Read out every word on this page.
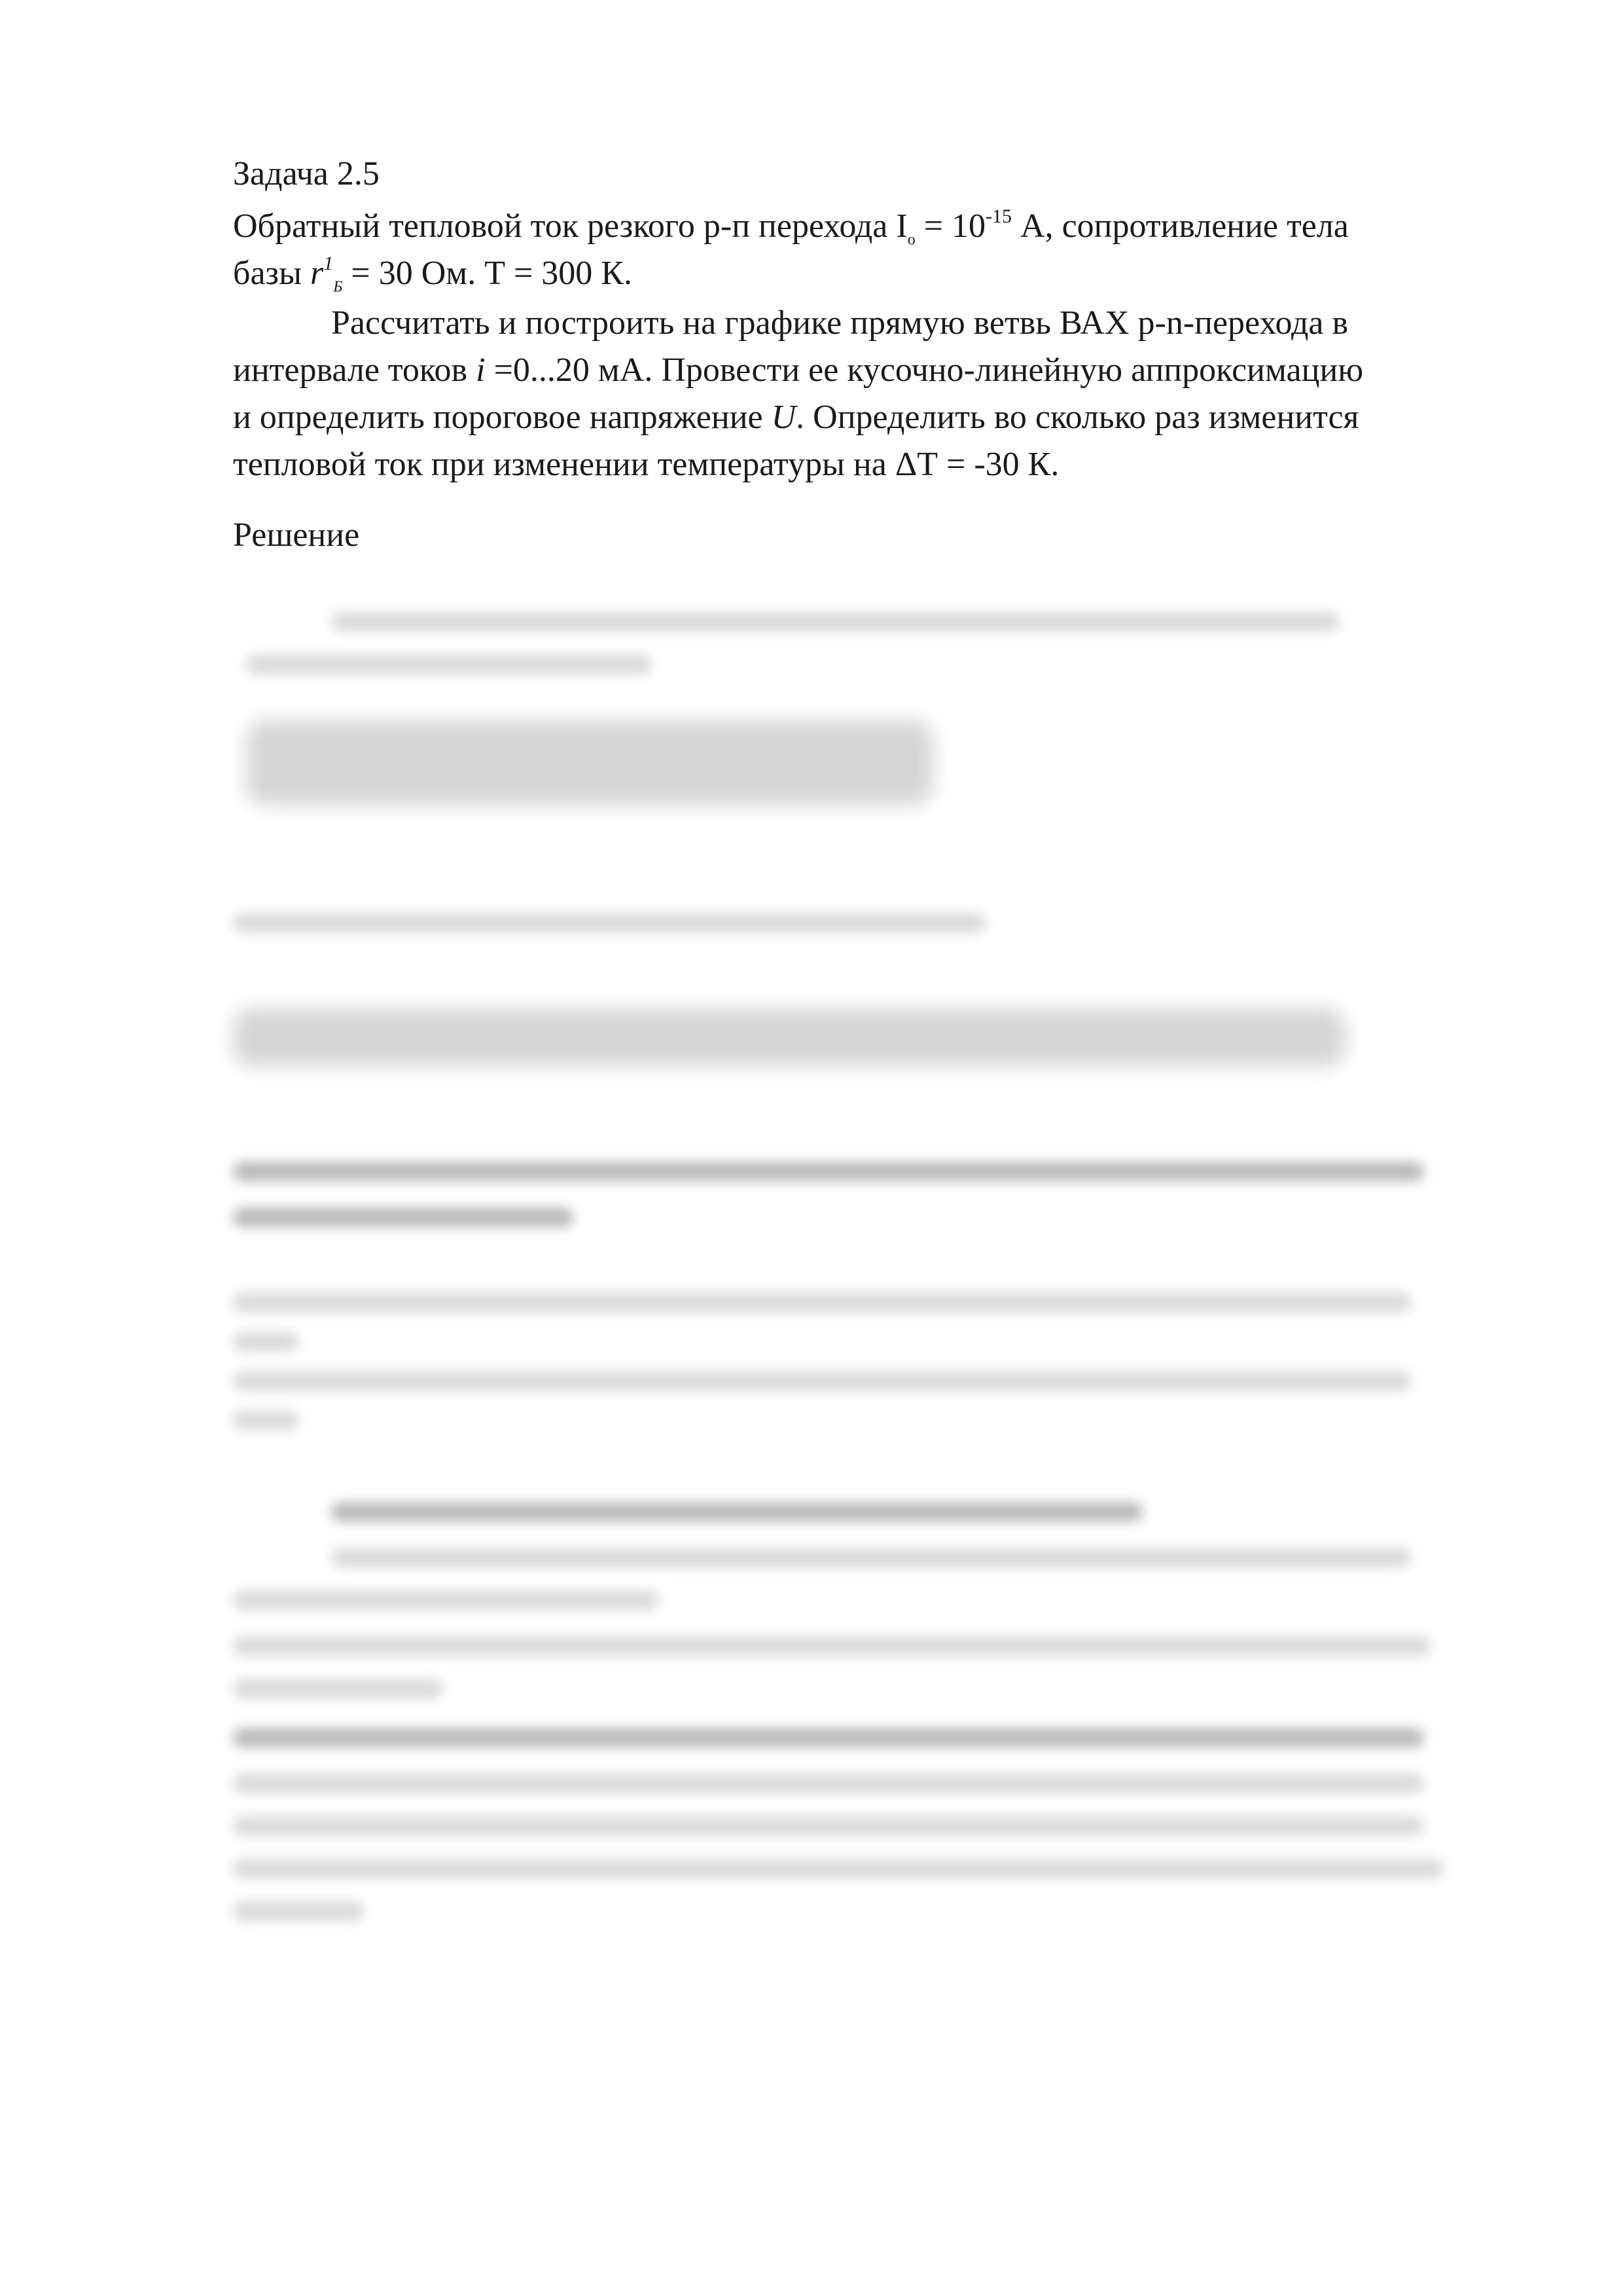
Задача 2.5
Обратный тепловой ток резкого p-п перехода $I_o = 10^{-15}$ А, сопротивление тела
базы $r^1_Б = 30$ Ом. Т = 300 К.
Рассчитать и построить на графике прямую ветвь ВАХ p-n-перехода в
интервале токов i =0...20 мА. Провести ее кусочно-линейную аппроксимацию
и определить пороговое напряжение U. Определить во сколько раз изменится
тепловой ток при изменении температуры на ΔТ = -30 К.
Решение
